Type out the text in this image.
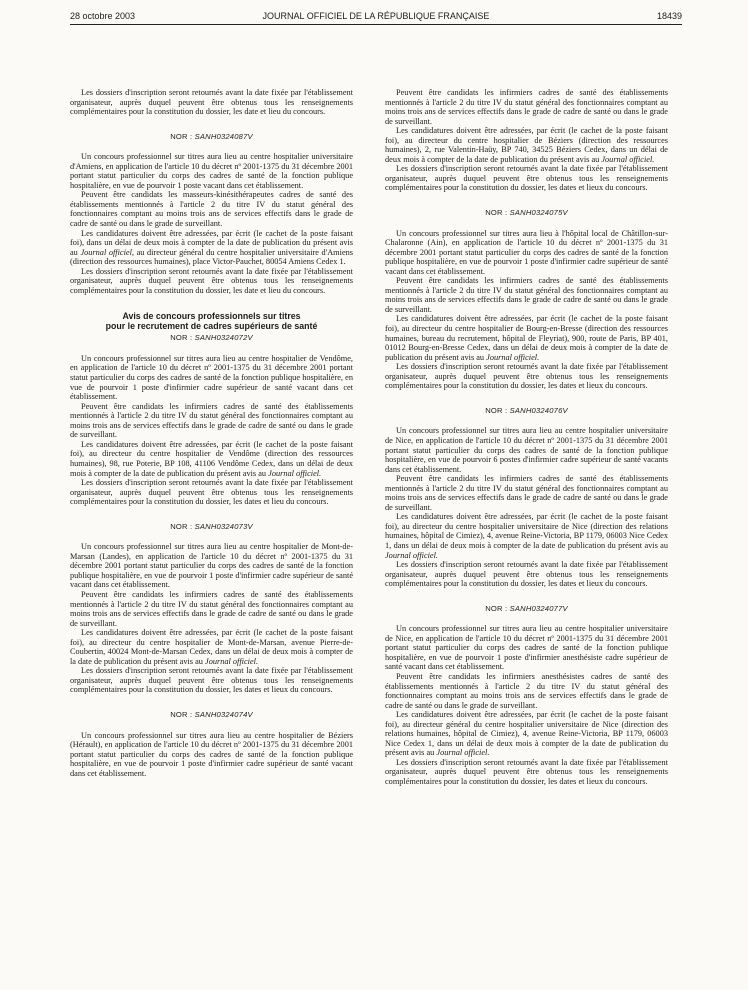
28 octobre 2003	JOURNAL OFFICIEL DE LA RÉPUBLIQUE FRANÇAISE	18439

Les dossiers d'inscription seront retournés avant la date fixée par l'établissement organisateur, auprès duquel peuvent être obtenus tous les renseignements complémentaires pour la constitution du dossier, les date et lieu du concours.

NOR : SANH0324087V

Un concours professionnel sur titres aura lieu au centre hospitalier universitaire d'Amiens, en application de l'article 10 du décret nº 2001-1375 du 31 décembre 2001 portant statut particulier du corps des cadres de santé de la fonction publique hospitalière, en vue de pourvoir 1 poste vacant dans cet établissement.

Peuvent être candidats les masseurs-kinésithérapeutes cadres de santé des établissements mentionnés à l'article 2 du titre IV du statut général des fonctionnaires comptant au moins trois ans de services effectifs dans le grade de cadre de santé ou dans le grade de surveillant.

Les candidatures doivent être adressées, par écrit (le cachet de la poste faisant foi), dans un délai de deux mois à compter de la date de publication du présent avis au Journal officiel, au directeur général du centre hospitalier universitaire d'Amiens (direction des ressources humaines), place Victor-Pauchet, 80054 Amiens Cedex 1.

Les dossiers d'inscription seront retournés avant la date fixée par l'établissement organisateur, auprès duquel peuvent être obtenus tous les renseignements complémentaires pour la constitution du dossier, les date et lieu du concours.

Avis de concours professionnels sur titres
pour le recrutement de cadres supérieurs de santé
NOR : SANH0324072V

Un concours professionnel sur titres aura lieu au centre hospitalier de Vendôme, en application de l'article 10 du décret nº 2001-1375 du 31 décembre 2001 portant statut particulier du corps des cadres de santé de la fonction publique hospitalière, en vue de pourvoir 1 poste d'infirmier cadre supérieur de santé vacant dans cet établissement.

Peuvent être candidats les infirmiers cadres de santé des établissements mentionnés à l'article 2 du titre IV du statut général des fonctionnaires comptant au moins trois ans de services effectifs dans le grade de cadre de santé ou dans le grade de surveillant.

Les candidatures doivent être adressées, par écrit (le cachet de la poste faisant foi), au directeur du centre hospitalier de Vendôme (direction des ressources humaines), 98, rue Poterie, BP 108, 41106 Vendôme Cedex, dans un délai de deux mois à compter de la date de publication du présent avis au Journal officiel.

Les dossiers d'inscription seront retournés avant la date fixée par l'établissement organisateur, auprès duquel peuvent être obtenus tous les renseignements complémentaires pour la constitution du dossier, les dates et lieu du concours.

NOR : SANH0324073V

Un concours professionnel sur titres aura lieu au centre hospitalier de Mont-de-Marsan (Landes), en application de l'article 10 du décret nº 2001-1375 du 31 décembre 2001 portant statut particulier du corps des cadres de santé de la fonction publique hospitalière, en vue de pourvoir 1 poste d'infirmier cadre supérieur de santé vacant dans cet établissement.

Peuvent être candidats les infirmiers cadres de santé des établissements mentionnés à l'article 2 du titre IV du statut général des fonctionnaires comptant au moins trois ans de services effectifs dans le grade de cadre de santé ou dans le grade de surveillant.

Les candidatures doivent être adressées, par écrit (le cachet de la poste faisant foi), au directeur du centre hospitalier de Mont-de-Marsan, avenue Pierre-de-Coubertin, 40024 Mont-de-Marsan Cedex, dans un délai de deux mois à compter de la date de publication du présent avis au Journal officiel.

Les dossiers d'inscription seront retournés avant la date fixée par l'établissement organisateur, auprès duquel peuvent être obtenus tous les renseignements complémentaires pour la constitution du dossier, les dates et lieux du concours.

NOR : SANH0324074V

Un concours professionnel sur titres aura lieu au centre hospitalier de Béziers (Hérault), en application de l'article 10 du décret nº 2001-1375 du 31 décembre 2001 portant statut particulier du corps des cadres de santé de la fonction publique hospitalière, en vue de pourvoir 1 poste d'infirmier cadre supérieur de santé vacant dans cet établissement.

Peuvent être candidats les infirmiers cadres de santé des établissements mentionnés à l'article 2 du titre IV du statut général des fonctionnaires comptant au moins trois ans de services effectifs dans le grade de cadre de santé ou dans le grade de surveillant.

Les candidatures doivent être adressées, par écrit (le cachet de la poste faisant foi), au directeur du centre hospitalier de Béziers (direction des ressources humaines), 2, rue Valentin-Haüy, BP 740, 34525 Béziers Cedex, dans un délai de deux mois à compter de la date de publication du présent avis au Journal officiel.

Les dossiers d'inscription seront retournés avant la date fixée par l'établissement organisateur, auprès duquel peuvent être obtenus tous les renseignements complémentaires pour la constitution du dossier, les dates et lieux du concours.

NOR : SANH0324075V

Un concours professionnel sur titres aura lieu à l'hôpital local de Châtillon-sur-Chalaronne (Ain), en application de l'article 10 du décret nº 2001-1375 du 31 décembre 2001 portant statut particulier du corps des cadres de santé de la fonction publique hospitalière, en vue de pourvoir 1 poste d'infirmier cadre supérieur de santé vacant dans cet établissement.

Peuvent être candidats les infirmiers cadres de santé des établissements mentionnés à l'article 2 du titre IV du statut général des fonctionnaires comptant au moins trois ans de services effectifs dans le grade de cadre de santé ou dans le grade de surveillant.

Les candidatures doivent être adressées, par écrit (le cachet de la poste faisant foi), au directeur du centre hospitalier de Bourg-en-Bresse (direction des ressources humaines, bureau du recrutement, hôpital de Fleyriat), 900, route de Paris, BP 401, 01012 Bourg-en-Bresse Cedex, dans un délai de deux mois à compter de la date de publication du présent avis au Journal officiel.

Les dossiers d'inscription seront retournés avant la date fixée par l'établissement organisateur, auprès duquel peuvent être obtenus tous les renseignements complémentaires pour la constitution du dossier, les dates et lieux du concours.

NOR : SANH0324076V

Un concours professionnel sur titres aura lieu au centre hospitalier universitaire de Nice, en application de l'article 10 du décret nº 2001-1375 du 31 décembre 2001 portant statut particulier du corps des cadres de santé de la fonction publique hospitalière, en vue de pourvoir 6 postes d'infirmier cadre supérieur de santé vacants dans cet établissement.

Peuvent être candidats les infirmiers cadres de santé des établissements mentionnés à l'article 2 du titre IV du statut général des fonctionnaires comptant au moins trois ans de services effectifs dans le grade de cadre de santé ou dans le grade de surveillant.

Les candidatures doivent être adressées, par écrit (le cachet de la poste faisant foi), au directeur du centre hospitalier universitaire de Nice (direction des relations humaines, hôpital de Cimiez), 4, avenue Reine-Victoria, BP 1179, 06003 Nice Cedex 1, dans un délai de deux mois à compter de la date de publication du présent avis au Journal officiel.

Les dossiers d'inscription seront retournés avant la date fixée par l'établissement organisateur, auprès duquel peuvent être obtenus tous les renseignements complémentaires pour la constitution du dossier, les dates et lieux du concours.

NOR : SANH0324077V

Un concours professionnel sur titres aura lieu au centre hospitalier universitaire de Nice, en application de l'article 10 du décret nº 2001-1375 du 31 décembre 2001 portant statut particulier du corps des cadres de santé de la fonction publique hospitalière, en vue de pourvoir 1 poste d'infirmier anesthésiste cadre supérieur de santé vacant dans cet établissement.

Peuvent être candidats les infirmiers anesthésistes cadres de santé des établissements mentionnés à l'article 2 du titre IV du statut général des fonctionnaires comptant au moins trois ans de services effectifs dans le grade de cadre de santé ou dans le grade de surveillant.

Les candidatures doivent être adressées, par écrit (le cachet de la poste faisant foi), au directeur général du centre hospitalier universitaire de Nice (direction des relations humaines, hôpital de Cimiez), 4, avenue Reine-Victoria, BP 1179, 06003 Nice Cedex 1, dans un délai de deux mois à compter de la date de publication du présent avis au Journal officiel.

Les dossiers d'inscription seront retournés avant la date fixée par l'établissement organisateur, auprès duquel peuvent être obtenus tous les renseignements complémentaires pour la constitution du dossier, les dates et lieux du concours.
